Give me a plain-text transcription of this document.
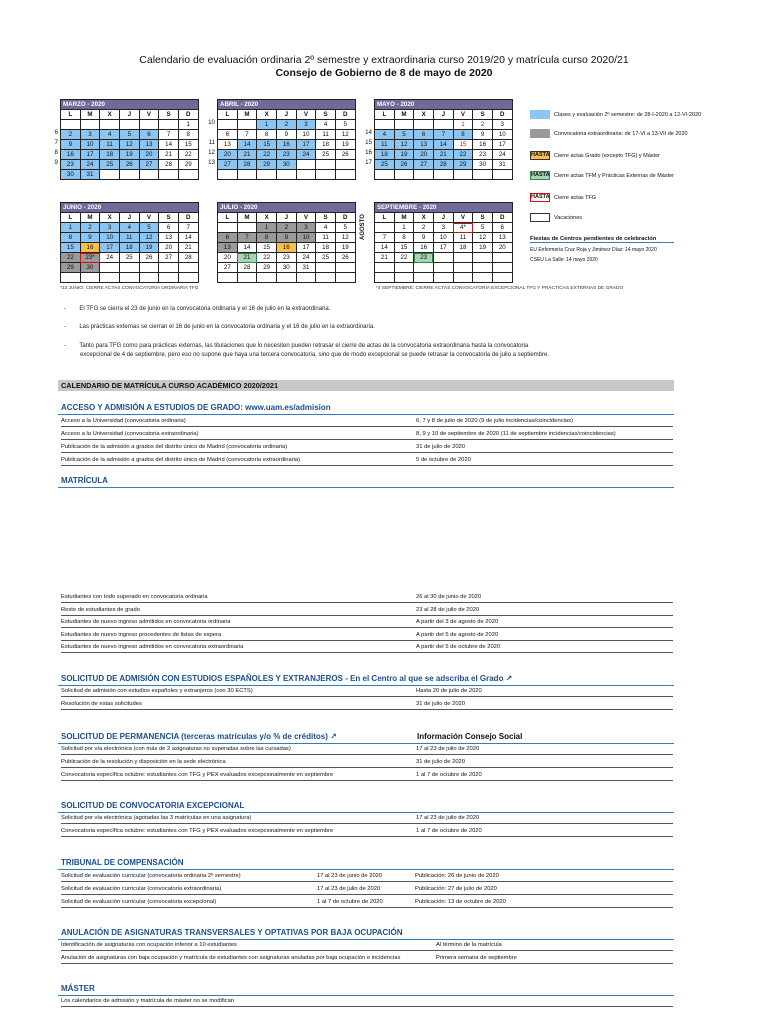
Calendario de evaluación ordinaria 2º semestre y extraordinaria curso 2019/20 y matrícula curso 2020/21
Consejo de Gobierno de 8 de mayo de 2020
6
7
8
9
MARZO - 2020						
L	M	X	J	V	S	D
						1
2	3	4	5	6	7	8
9	10	11	12	13	14	15
16	17	18	19	20	21	22
23	24	25	26	27	28	29
30	31					
10
11
12
13
ABRIL - 2020						
L	M	X	J	V	S	D
		1	2	3	4	5
6	7	8	9	10	11	12
13	14	15	16	17	18	19
20	21	22	23	24	25	26
27	28	29	30			

14
15
16
17
MAYO - 2020						
L	M	X	J	V	S	D
				1	2	3
4	5	6	7	8	9	10
11	12	13	14	15	16	17
18	19	20	21	22	23	24
25	26	27	28	29	30	31

JUNIO - 2020						
L	M	X	J	V	S	D
1	2	3	4	5	6	7
8	9	10	11	12	13	14
15	16	17	18	19	20	21
22	23*	24	25	26	27	28
29	30					

JULIO - 2020						
L	M	X	J	V	S	D
		1	2	3	4	5
6	7	8	9	10	11	12
13	14	15	16	17	18	19
20	21	22	23	24	25	26
27	28	29	30	31		

SEPTIEMBRE - 2020						
L	M	X	J	V	S	D
	1	2	3	4*	5	6
7	8	9	10	11	12	13
14	15	16	17	18	19	20
21	22	23				

AGOSTO
*23 JUNIO: CIERRE ACTAS CONVOCATORIA ORDINARIA TFG	*4 SEPTIEMBRE: CIERRE ACTAS CONVOCATORIA EXCEPCIONAL TFG Y PRÁCTICAS EXTERNAS DE GRADO
Clases y evaluación 2º semestre: de 28-I-2020 a 12-VI-2020
Convocatoria extraordinaria: de 17-VI a 13-VII de 2020
HASTA Cierre actas Grado (excepto TFG) y Máster
HASTA Cierre actas TFM y Prácticas Externas de Máster
HASTA Cierre actas TFG
Vacaciones
Fiestas de Centros pendientes de celebración
EU Enfermería Cruz Roja y Jiménez Díaz: 14 mayo 2020
CSEU La Salle: 14 mayo 2020
-        El TFG se cierra el 23 de junio en la convocatoria ordinaria y el 16 de julio en la extraordinaria.
-        Las prácticas externas se cierran el 16 de junio en la convocatoria ordinaria y el 16 de julio en la extraordinaria.
-        Tanto para TFG como para prácticas externas, las titulaciones que lo necesiten pueden retrasar el cierre de actas de la convocatoria extraordinaria hasta la convocatoria
excepcional de 4 de septiembre, pero eso no supone que haya una tercera convocatoria, sino que de modo excepcional se puede retrasar la convocatoria de julio a septiembre.
CALENDARIO DE MATRÍCULA CURSO ACADÉMICO 2020/2021
ACCESO Y ADMISIÓN A ESTUDIOS DE GRADO: www.uam.es/admision
Acceso a la Universidad (convocatoria ordinaria)	6, 7 y 8 de julio de 2020 (9 de julio incidencias/coincidencias)
Acceso a la Universidad (convocatoria extraordinaria)	8, 9 y 10 de septiembre de 2020 (11 de septiembre incidencias/coincidencias)
Publicación de la admisión a grados del distrito único de Madrid (convocatoria ordinaria)	31 de julio de 2020
Publicación de la admisión a grados del distrito único de Madrid (convocatoria extraordinaria)	5 de octubre de 2020
MATRÍCULA
Estudiantes con todo superado en convocatoria ordinaria	26 al 30 de junio de 2020
Resto de estudiantes de grado	23 al 28 de julio de 2020
Estudiantes de nuevo ingreso admitidos en convocatoria ordinaria	A partir del 3 de agosto de 2020
Estudiantes de nuevo ingreso procedentes de listas de espera	A partir del 5 de agosto de 2020
Estudiantes de nuevo ingreso admitidos en convocatoria extraordinaria	A partir del 5 de octubre de 2020
SOLICITUD DE ADMISIÓN CON ESTUDIOS ESPAÑOLES Y EXTRANJEROS - En el Centro al que se adscriba el Grado ↗
Solicitud de admisión con estudios españoles y extranjeros (con 30 ECTS)	Hasta 20 de julio de 2020
Resolución de estas solicitudes	31 de julio de 2020
SOLICITUD DE PERMANENCIA (terceras matrículas y/o % de créditos) ↗	Información Consejo Social
Solicitud por vía electrónica (con más de 2 asignaturas no superadas sobre las cursadas)	17 al 23 de julio de 2020
Publicación de la resolución y disposición en la sede electrónica	31 de julio de 2020
Convocatoria específica octubre: estudiantes con TFG y PEX evaluados excepcionalmente en septiembre	1 al 7 de octubre de 2020
SOLICITUD DE CONVOCATORIA EXCEPCIONAL
Solicitud por vía electrónica (agotadas las 3 matrículas en una asignatura)	17 al 23 de julio de 2020
Convocatoria específica octubre: estudiantes con TFG y PEX evaluados excepcionalmente en septiembre	1 al 7 de octubre de 2020
TRIBUNAL DE COMPENSACIÓN
Solicitud de evaluación curricular (convocatoria ordinaria 2º semestre)	17 al 23 de junio de 2020	Publicación: 26 de junio de 2020
Solicitud de evaluación curricular (convocatoria extraordinaria)	17 al 23 de julio de 2020	Publicación: 27 de julio de 2020
Solicitud de evaluación curricular (convocatoria excepcional)	1 al 7 de octubre de 2020	Publicación: 13 de octubre de 2020
ANULACIÓN DE ASIGNATURAS TRANSVERSALES Y OPTATIVAS POR BAJA OCUPACIÓN
Identificación de asignaturas con ocupación inferior a 10 estudiantes	Al término de la matrícula
Anulación de asignaturas con baja ocupación y matrícula de estudiantes con asignaturas anuladas por baja ocupación e incidencias	Primera semana de septiembre
MÁSTER
Los calendarios de admisión y matrícula de máster no se modifican
